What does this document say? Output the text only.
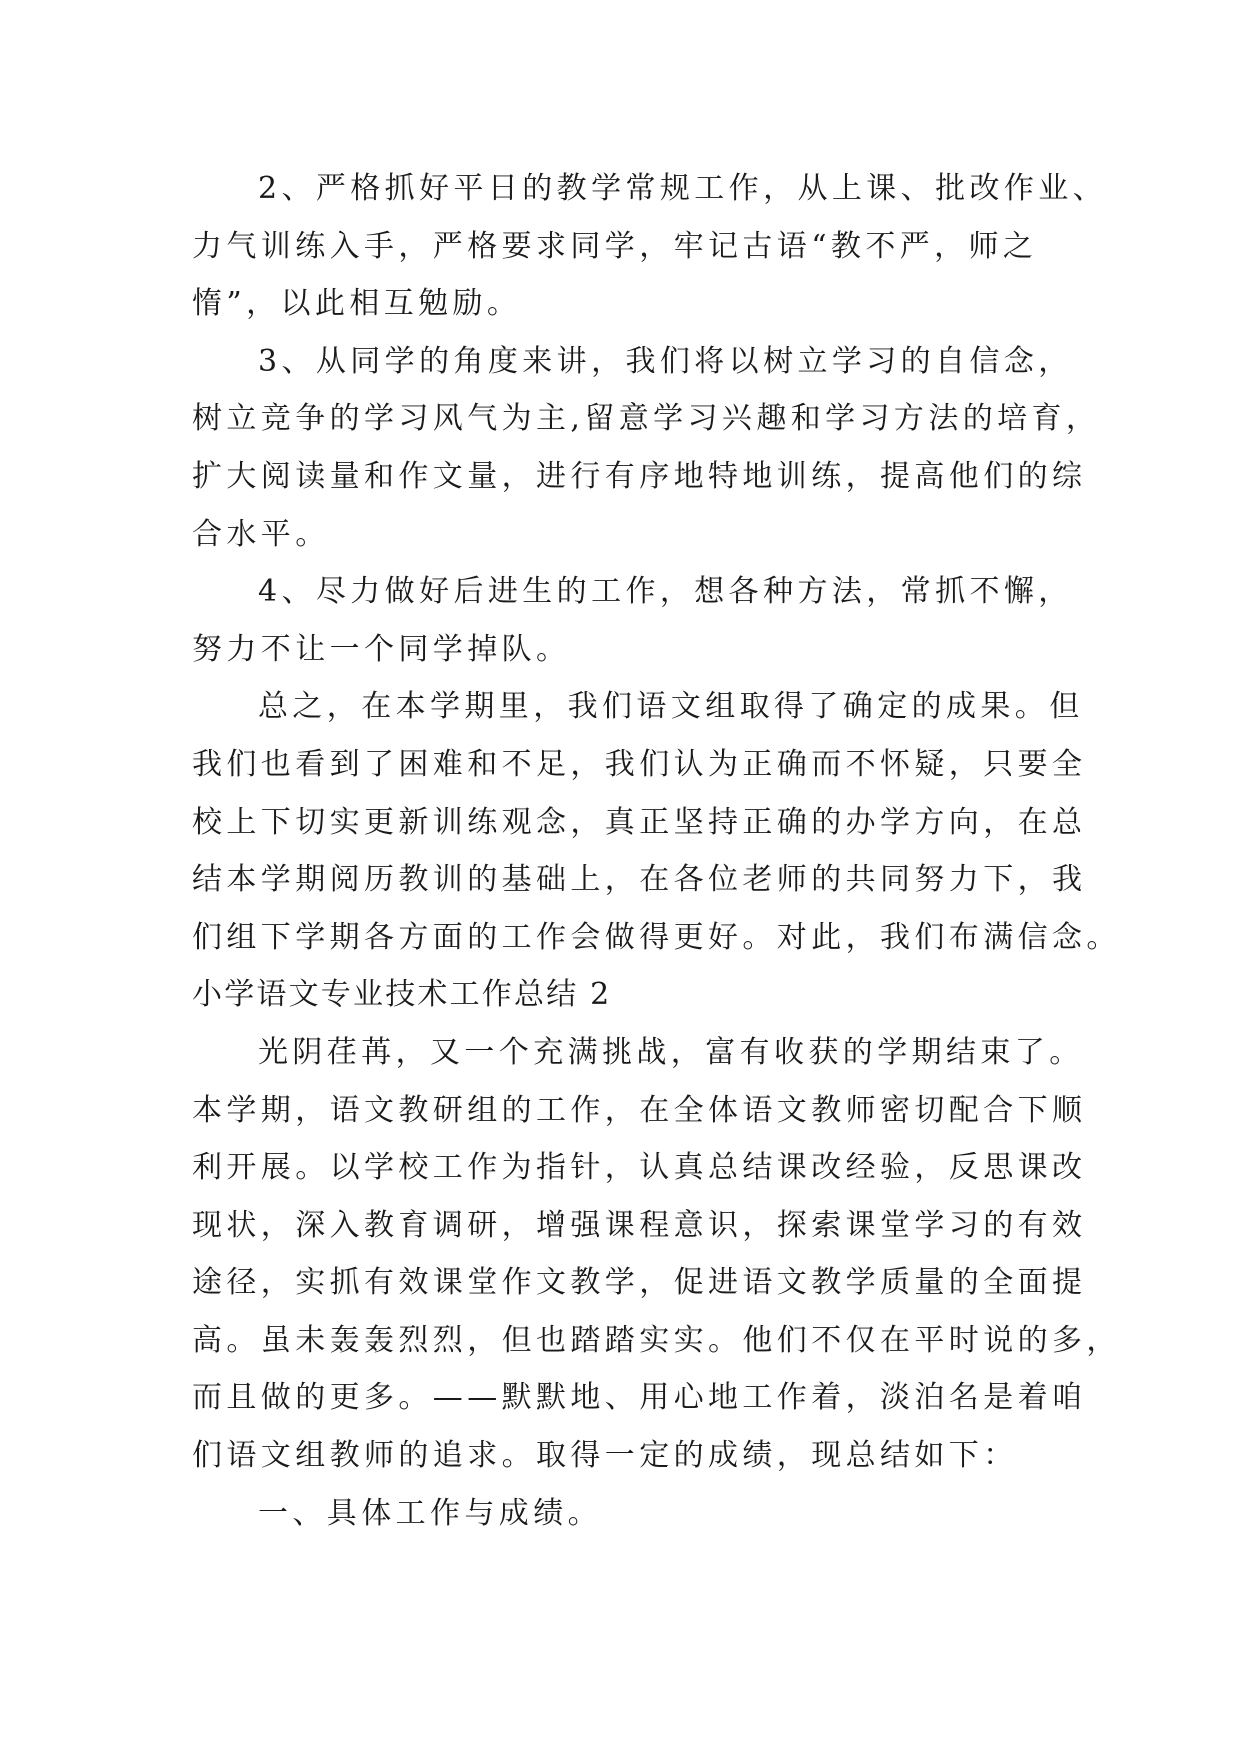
2、严格抓好平日的教学常规工作，从上课、批改作业、
力气训练入手，严格要求同学，牢记古语“教不严，师之
惰”，以此相互勉励。
3、从同学的角度来讲，我们将以树立学习的自信念，
树立竞争的学习风气为主,留意学习兴趣和学习方法的培育，
扩大阅读量和作文量，进行有序地特地训练，提高他们的综
合水平。
4、尽力做好后进生的工作，想各种方法，常抓不懈，
努力不让一个同学掉队。
总之，在本学期里，我们语文组取得了确定的成果。但
我们也看到了困难和不足，我们认为正确而不怀疑，只要全
校上下切实更新训练观念，真正坚持正确的办学方向，在总
结本学期阅历教训的基础上，在各位老师的共同努力下，我
们组下学期各方面的工作会做得更好。对此，我们布满信念。
小学语文专业技术工作总结 2
光阴荏苒，又一个充满挑战，富有收获的学期结束了。
本学期，语文教研组的工作，在全体语文教师密切配合下顺
利开展。以学校工作为指针，认真总结课改经验，反思课改
现状，深入教育调研，增强课程意识，探索课堂学习的有效
途径，实抓有效课堂作文教学，促进语文教学质量的全面提
高。虽未轰轰烈烈，但也踏踏实实。他们不仅在平时说的多，
而且做的更多。——默默地、用心地工作着，淡泊名是着咱
们语文组教师的追求。取得一定的成绩，现总结如下：
一、具体工作与成绩。
